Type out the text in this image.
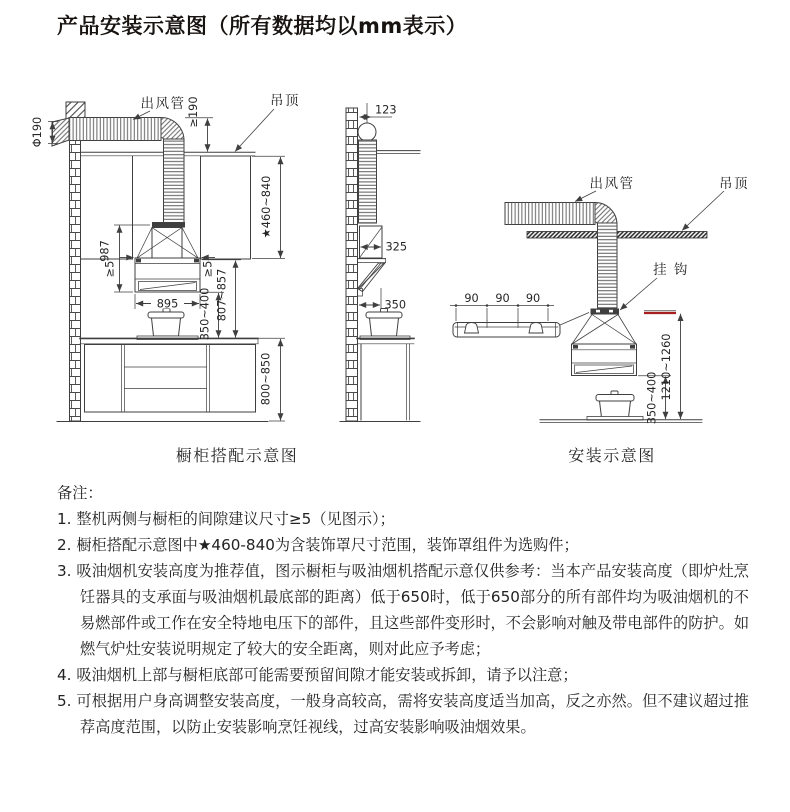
产品安装示意图（所有数据均以mm表示）
Φ190
≥190
★460~840
987
≥5	≥5
895 350~400 807~857
800~850
出风管	吊顶
橱柜搭配示意图
123
325
350	90 90 90
350~400 1210~1260
出风管	吊顶
挂 钩
安装示意图
备注：
1. 整机两侧与橱柜的间隙建议尺寸≥5（见图示）；
2. 橱柜搭配示意图中★460-840为含装饰罩尺寸范围，装饰罩组件为选购件；
3. 吸油烟机安装高度为推荐值，图示橱柜与吸油烟机搭配示意仅供参考：当本产品安装高度（即炉灶烹饪器具的支承面与吸油烟机最底部的距离）低于650时，低于650部分的所有部件均为吸油烟机的不易燃部件或工作在安全特地电压下的部件，且这些部件变形时，不会影响对触及带电部件的防护。如燃气炉灶安装说明规定了较大的安全距离，则对此应予考虑；
4. 吸油烟机上部与橱柜底部可能需要预留间隙才能安装或拆卸，请予以注意；
5. 可根据用户身高调整安装高度，一般身高较高，需将安装高度适当加高，反之亦然。但不建议超过推荐高度范围，以防止安装影响烹饪视线，过高安装影响吸油烟效果。
